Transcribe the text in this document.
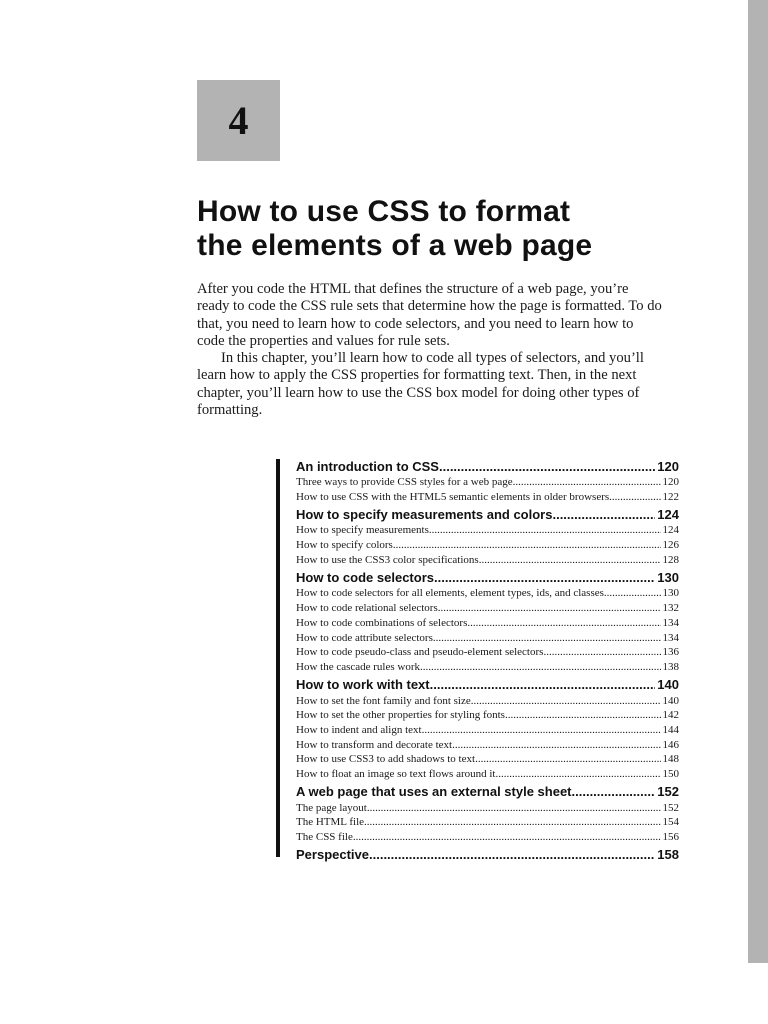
4
How to use CSS to format
the elements of a web page

After you code the HTML that defines the structure of a web page, you’re
ready to code the CSS rule sets that determine how the page is formatted. To do
that, you need to learn how to code selectors, and you need to learn how to
code the properties and values for rule sets.

In this chapter, you’ll learn how to code all types of selectors, and you’ll
learn how to apply the CSS properties for formatting text. Then, in the next
chapter, you’ll learn how to use the CSS box model for doing other types of
formatting.

An introduction to CSS .....	120
Three ways to provide CSS styles for a web page .....	120
How to use CSS with the HTML5 semantic elements in older browsers .....	122
How to specify measurements and colors .....	124
How to specify measurements .....	124
How to specify colors .....	126
How to use the CSS3 color specifications .....	128
How to code selectors .....	130
How to code selectors for all elements, element types, ids, and classes .....	130
How to code relational selectors .....	132
How to code combinations of selectors .....	134
How to code attribute selectors .....	134
How to code pseudo-class and pseudo-element selectors .....	136
How the cascade rules work .....	138
How to work with text .....	140
How to set the font family and font size .....	140
How to set the other properties for styling fonts .....	142
How to indent and align text .....	144
How to transform and decorate text .....	146
How to use CSS3 to add shadows to text .....	148
How to float an image so text flows around it .....	150
A web page that uses an external style sheet .....	152
The page layout .....	152
The HTML file .....	154
The CSS file .....	156
Perspective .....	158
